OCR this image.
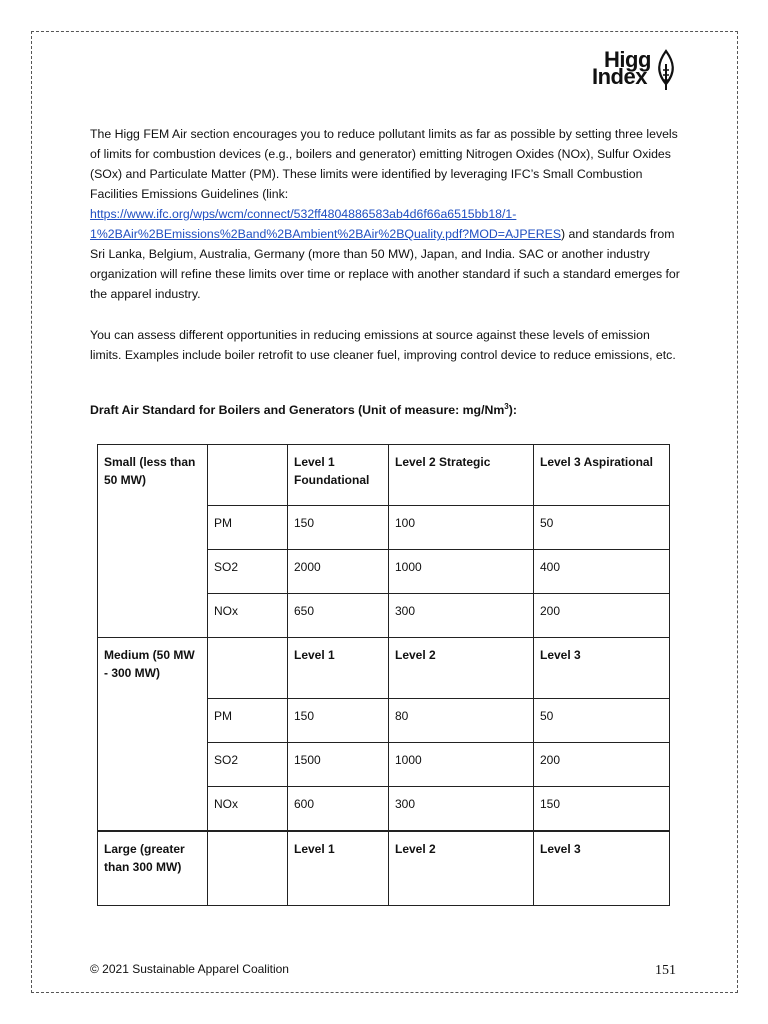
Higg
Index
The Higg FEM Air section encourages you to reduce pollutant limits as far as possible by setting three levels of limits for combustion devices (e.g., boilers and generator) emitting Nitrogen Oxides (NOx), Sulfur Oxides (SOx) and Particulate Matter (PM). These limits were identified by leveraging IFC’s Small Combustion Facilities Emissions Guidelines (link: https://www.ifc.org/wps/wcm/connect/532ff4804886583ab4d6f66a6515bb18/1-1%2BAir%2BEmissions%2Band%2BAmbient%2BAir%2BQuality.pdf?MOD=AJPERES) and standards from Sri Lanka, Belgium, Australia, Germany (more than 50 MW), Japan, and India. SAC or another industry organization will refine these limits over time or replace with another standard if such a standard emerges for the apparel industry.
You can assess different opportunities in reducing emissions at source against these levels of emission limits. Examples include boiler retrofit to use cleaner fuel, improving control device to reduce emissions, etc.
Draft Air Standard for Boilers and Generators (Unit of measure: mg/Nm$^3$):
Small (less than 50 MW)		Level 1 Foundational	Level 2 Strategic	Level 3 Aspirational
	PM	150	100	50
	SO2	2000	1000	400
	NOx	650	300	200
Medium (50 MW - 300 MW)		Level 1	Level 2	Level 3
	PM	150	80	50
	SO2	1500	1000	200
	NOx	600	300	150
Large (greater than 300 MW)		Level 1	Level 2	Level 3
© 2021 Sustainable Apparel Coalition	151
